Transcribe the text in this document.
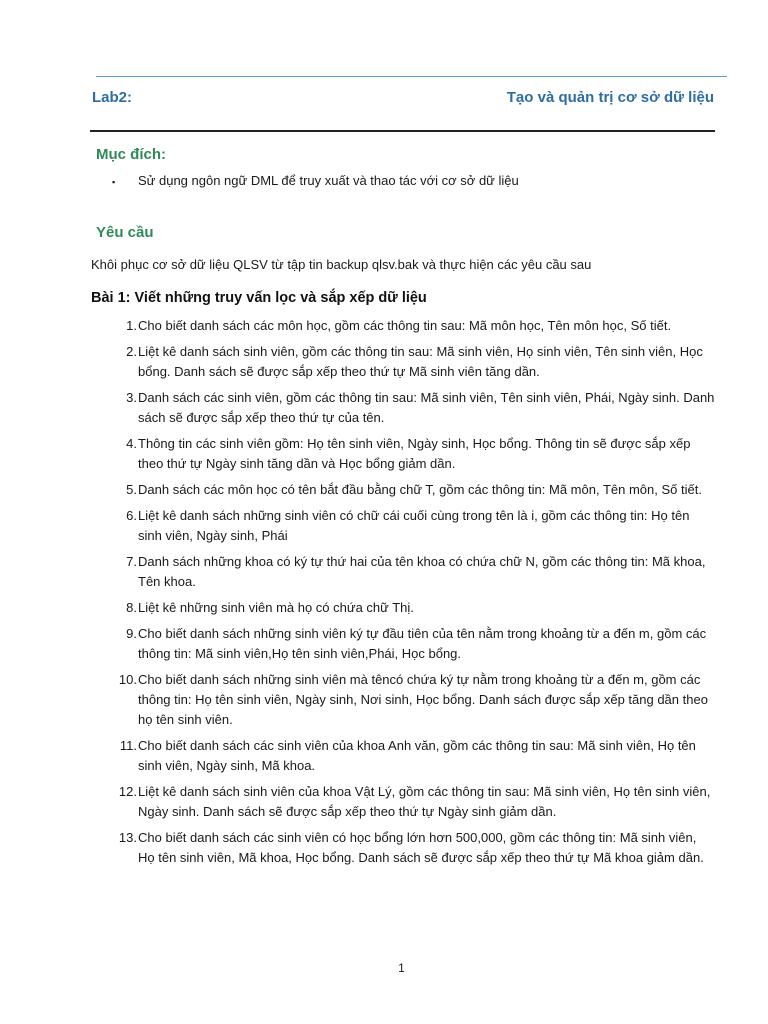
Lab2:	Tạo và quản trị cơ sở dữ liệu
Mục đích:
▪	Sử dụng ngôn ngữ DML để truy xuất và thao tác với cơ sở dữ liệu
Yêu cầu
Khôi phục cơ sở dữ liệu QLSV từ tập tin backup qlsv.bak và thực hiện các yêu cầu sau
Bài 1: Viết những truy vấn lọc và sắp xếp dữ liệu
1. Cho biết danh sách các môn học, gồm các thông tin sau: Mã môn học, Tên môn học, Số tiết.
2. Liệt kê danh sách sinh viên, gồm các thông tin sau: Mã sinh viên, Họ sinh viên, Tên sinh viên, Học bổng. Danh sách sẽ được sắp xếp theo thứ tự Mã sinh viên tăng dần.
3. Danh sách các sinh viên, gồm các thông tin sau: Mã sinh viên, Tên sinh viên, Phái, Ngày sinh. Danh sách sẽ được sắp xếp theo thứ tự của tên.
4. Thông tin các sinh viên gồm: Họ tên sinh viên, Ngày sinh, Học bổng. Thông tin sẽ được sắp xếp theo thứ tự Ngày sinh tăng dần và Học bổng giảm dần.
5. Danh sách các môn học có tên bắt đầu bằng chữ T, gồm các thông tin: Mã môn, Tên môn, Số tiết.
6. Liệt kê danh sách những sinh viên có chữ cái cuối cùng trong tên là i, gồm các thông tin: Họ tên sinh viên, Ngày sinh, Phái
7. Danh sách những khoa có ký tự thứ hai của tên khoa có chứa chữ N, gồm các thông tin: Mã khoa, Tên khoa.
8. Liệt kê những sinh viên mà họ có chứa chữ Thị.
9. Cho biết danh sách những sinh viên ký tự đầu tiên của tên nằm trong khoảng từ a đến m, gồm các thông tin: Mã sinh viên,Họ tên sinh viên,Phái, Học bổng.
10. Cho biết danh sách những sinh viên mà têncó chứa ký tự nằm trong khoảng từ a đến m, gồm các thông tin: Họ tên sinh viên, Ngày sinh, Nơi sinh, Học bổng. Danh sách được sắp xếp tăng dần theo họ tên sinh viên.
11. Cho biết danh sách các sinh viên của khoa Anh văn, gồm các thông tin sau: Mã sinh viên, Họ tên sinh viên, Ngày sinh, Mã khoa.
12. Liệt kê danh sách sinh viên của khoa Vật Lý, gồm các thông tin sau: Mã sinh viên, Họ tên sinh viên, Ngày sinh. Danh sách sẽ được sắp xếp theo thứ tự Ngày sinh giảm dần.
13. Cho biết danh sách các sinh viên có học bổng lớn hơn 500,000, gồm các thông tin: Mã sinh viên, Họ tên sinh viên, Mã khoa, Học bổng. Danh sách sẽ được sắp xếp theo thứ tự Mã khoa giảm dần.
1
